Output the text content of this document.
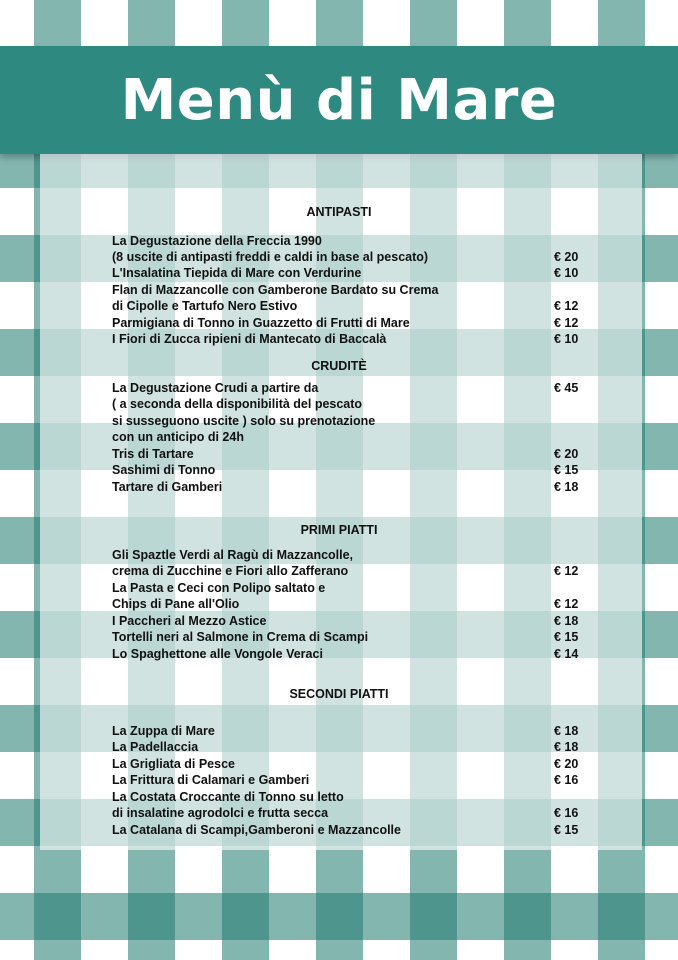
Menù di Mare
ANTIPASTI
La Degustazione della Freccia 1990
(8 uscite di antipasti freddi e caldi in base al pescato)	€ 20
L'Insalatina Tiepida di Mare con Verdurine	€ 10
Flan di Mazzancolle con Gamberone Bardato su Crema
di Cipolle e Tartufo Nero Estivo	€ 12
Parmigiana di Tonno in Guazzetto di Frutti di Mare	€ 12
I Fiori di Zucca ripieni di Mantecato di Baccalà	€ 10
CRUDITÈ
La Degustazione Crudi a partire da	€ 45
( a seconda della disponibilità del pescato
si susseguono uscite ) solo su prenotazione
con un anticipo di 24h
Tris di Tartare	€ 20
Sashimi di Tonno	€ 15
Tartare di Gamberi	€ 18
PRIMI PIATTI
Gli Spaztle Verdi al Ragù di Mazzancolle,
crema di Zucchine e Fiori allo Zafferano	€ 12
La Pasta e Ceci con Polipo saltato e
Chips di Pane all'Olio	€ 12
I Paccheri al Mezzo Astice	€ 18
Tortelli neri al Salmone in Crema di Scampi	€ 15
Lo Spaghettone alle Vongole Veraci	€ 14
SECONDI PIATTI
La Zuppa di Mare	€ 18
La Padellaccia	€ 18
La Grigliata di Pesce	€ 20
La Frittura di Calamari e Gamberi	€ 16
La Costata Croccante di Tonno su letto
di insalatine agrodolci e frutta secca	€ 16
La Catalana di Scampi,Gamberoni e Mazzancolle	€ 15
